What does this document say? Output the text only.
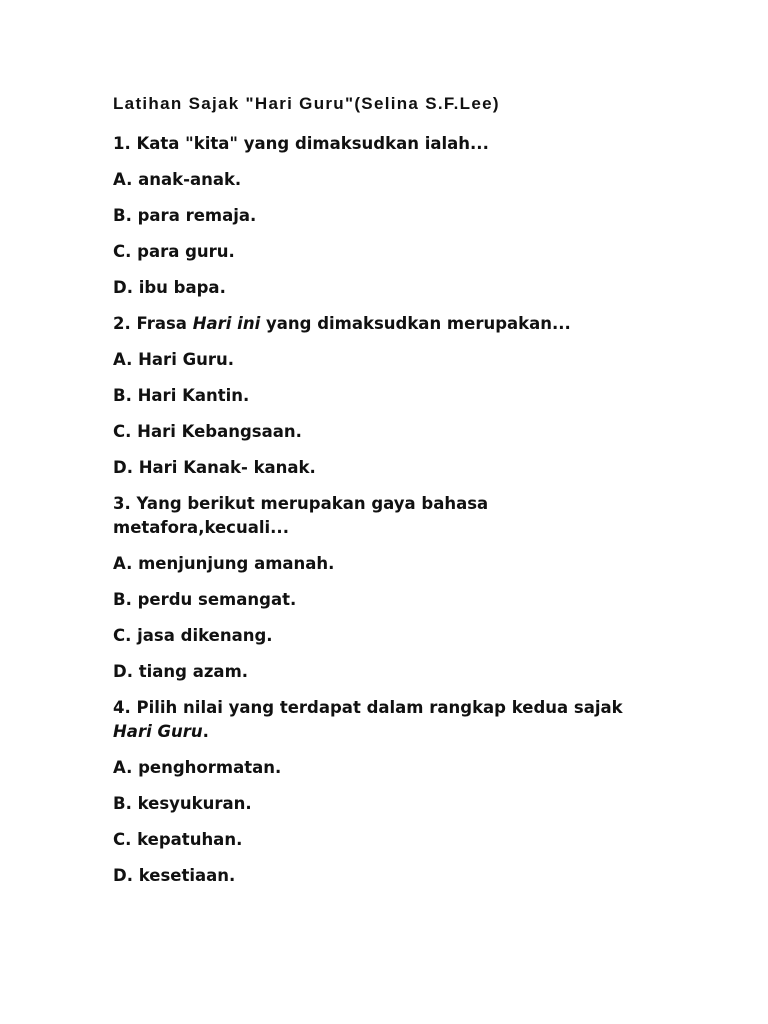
Latihan Sajak "Hari Guru"(Selina S.F.Lee)
1. Kata "kita" yang dimaksudkan ialah...
A. anak-anak.
B. para remaja.
C. para guru.
D. ibu bapa.
2. Frasa Hari ini yang dimaksudkan merupakan...
A. Hari Guru.
B. Hari Kantin.
C. Hari Kebangsaan.
D. Hari Kanak- kanak.
3. Yang berikut merupakan gaya bahasa metafora,kecuali...
A. menjunjung amanah.
B. perdu semangat.
C. jasa dikenang.
D. tiang azam.
4. Pilih nilai yang terdapat dalam rangkap kedua sajak Hari Guru.
A. penghormatan.
B. kesyukuran.
C. kepatuhan.
D. kesetiaan.
